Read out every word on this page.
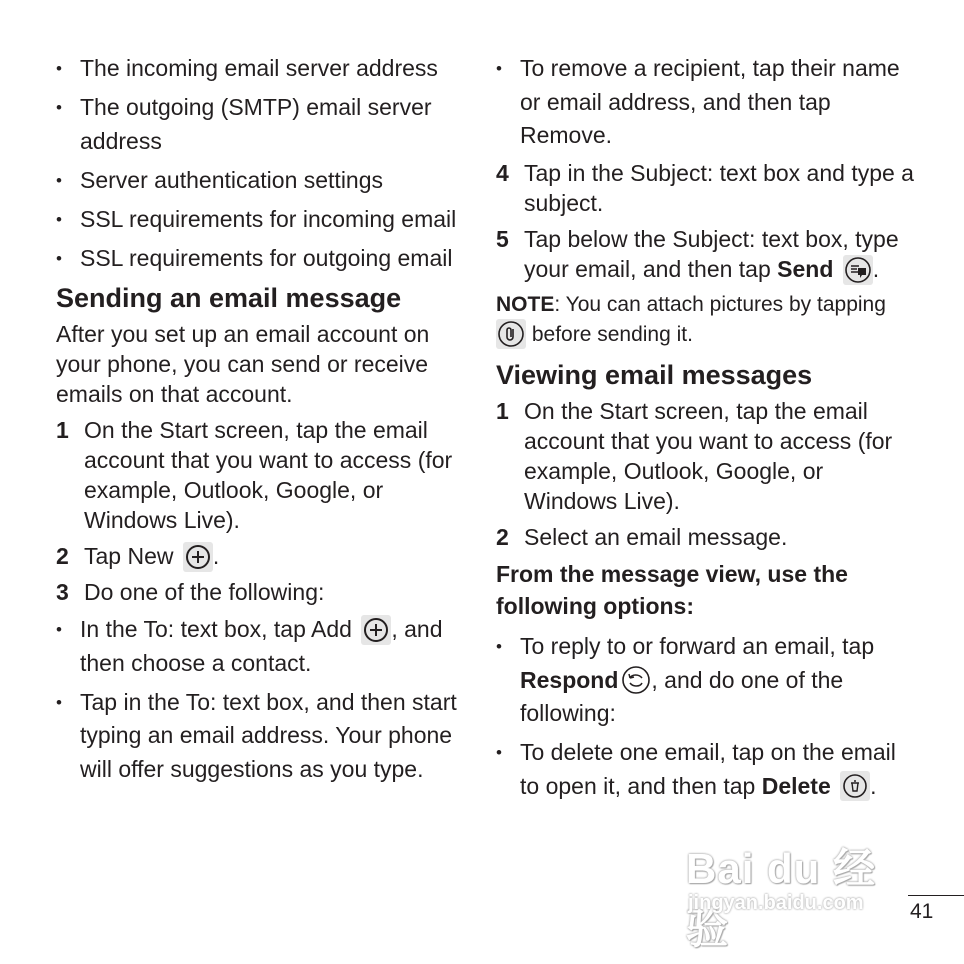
• The incoming email server address
• The outgoing (SMTP) email server address
• Server authentication settings
• SSL requirements for incoming email
• SSL requirements for outgoing email
Sending an email message
After you set up an email account on your phone, you can send or receive emails on that account.
1 On the Start screen, tap the email account that you want to access (for example, Outlook, Google, or Windows Live).
2 Tap New .
3 Do one of the following:
• In the To: text box, tap Add , and then choose a contact.
• Tap in the To: text box, and then start typing an email address. Your phone will offer suggestions as you type.
• To remove a recipient, tap their name or email address, and then tap Remove.
4 Tap in the Subject: text box and type a subject.
5 Tap below the Subject: text box, type your email, and then tap Send .
NOTE: You can attach pictures by tapping

before sending it.
Viewing email messages
1 On the Start screen, tap the email account that you want to access (for example, Outlook, Google, or Windows Live).
2 Select an email message.
From the message view, use the following options:
• To reply to or forward an email, tap Respond , and do one of the following:
• To delete one email, tap on the email to open it, and then tap Delete .
Bai du 经验
jingyan.baidu.com 41
